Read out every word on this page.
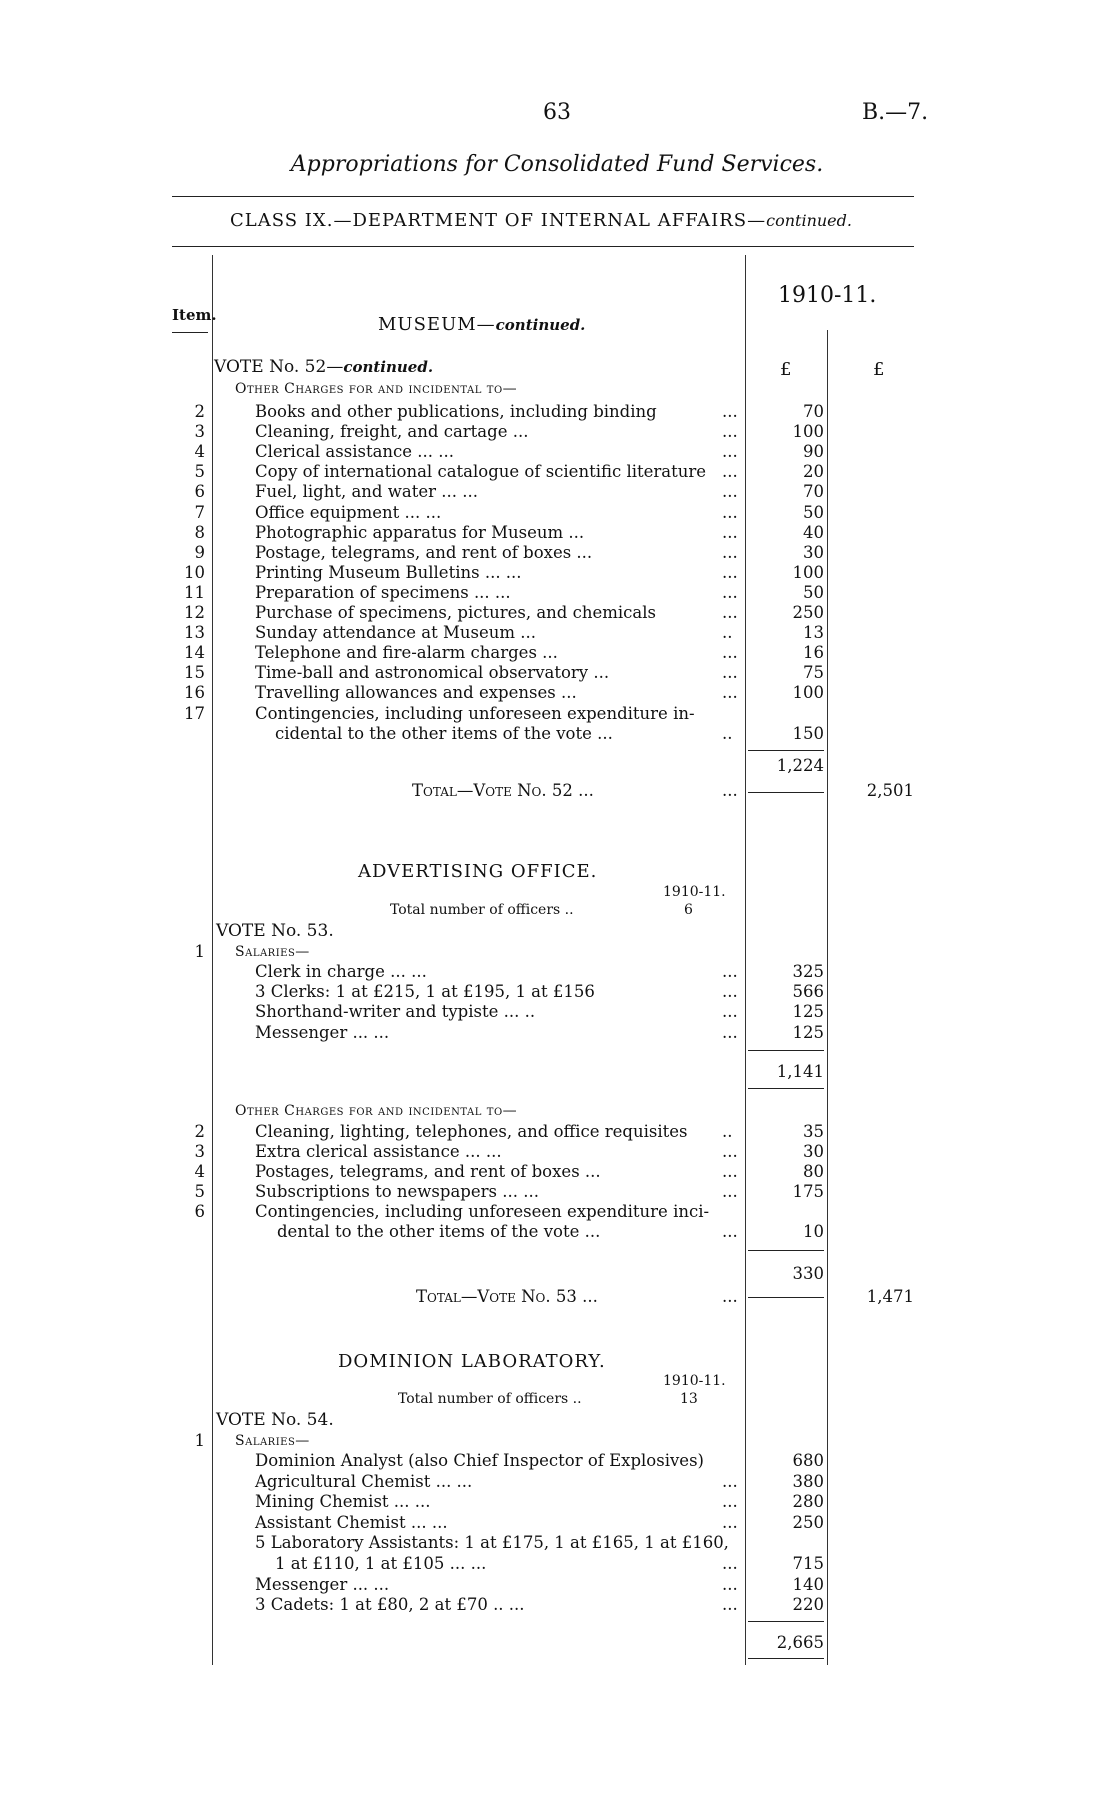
63	B.—7.
Appropriations for Consolidated Fund Services.
CLASS IX.—DEPARTMENT OF INTERNAL AFFAIRS—continued.
Item.
1910-11.
MUSEUM—continued.
VOTE No. 52—continued.	£	£
Other Charges for and incidental to—
2	Books and other publications, including binding	...	70
3	Cleaning, freight, and cartage ...	...	100
4	Clerical assistance ... ...	...	90
5	Copy of international catalogue of scientific literature ...	20
6	Fuel, light, and water ... ...	...	70
7	Office equipment ... ...	...	50
8	Photographic apparatus for Museum ...	...	40
9	Postage, telegrams, and rent of boxes ...	...	30
10	Printing Museum Bulletins ... ...	...	100
11	Preparation of specimens ... ...	...	50
12	Purchase of specimens, pictures, and chemicals	...	250
13	Sunday attendance at Museum ...	..	13
14	Telephone and fire-alarm charges ...	...	16
15	Time-ball and astronomical observatory ...	...	75
16	Travelling allowances and expenses ...	...	100
17	Contingencies, including unforeseen expenditure in-
cidental to the other items of the vote ...	..	150
1,224
Total—Vote No. 52 ...	...	2,501
ADVERTISING OFFICE.
1910-11.
Total number of officers ..	6
VOTE No. 53.
1 Salaries—
Clerk in charge ... ...	...	325
3 Clerks: 1 at £215, 1 at £195, 1 at £156	...	566
Shorthand-writer and typiste ... ..	...	125
Messenger ... ...	...	125
1,141
Other Charges for and incidental to—
2	Cleaning, lighting, telephones, and office requisites ..	35
3	Extra clerical assistance ... ...	...	30
4	Postages, telegrams, and rent of boxes ...	...	80
5	Subscriptions to newspapers ... ...	...	175
6	Contingencies, including unforeseen expenditure inci-
dental to the other items of the vote ...	...	10
330
Total—Vote No. 53 ...	...	1,471
DOMINION LABORATORY.
1910-11.
Total number of officers ..	13
VOTE No. 54.
1 Salaries—
Dominion Analyst (also Chief Inspector of Explosives)	680
Agricultural Chemist ... ...	...	380
Mining Chemist ... ...	...	280
Assistant Chemist ... ...	...	250
5 Laboratory Assistants: 1 at £175, 1 at £165, 1 at £160,
1 at £110, 1 at £105 ... ...	...	715
Messenger ... ...	...	140
3 Cadets: 1 at £80, 2 at £70 .. ...	...	220
2,665
